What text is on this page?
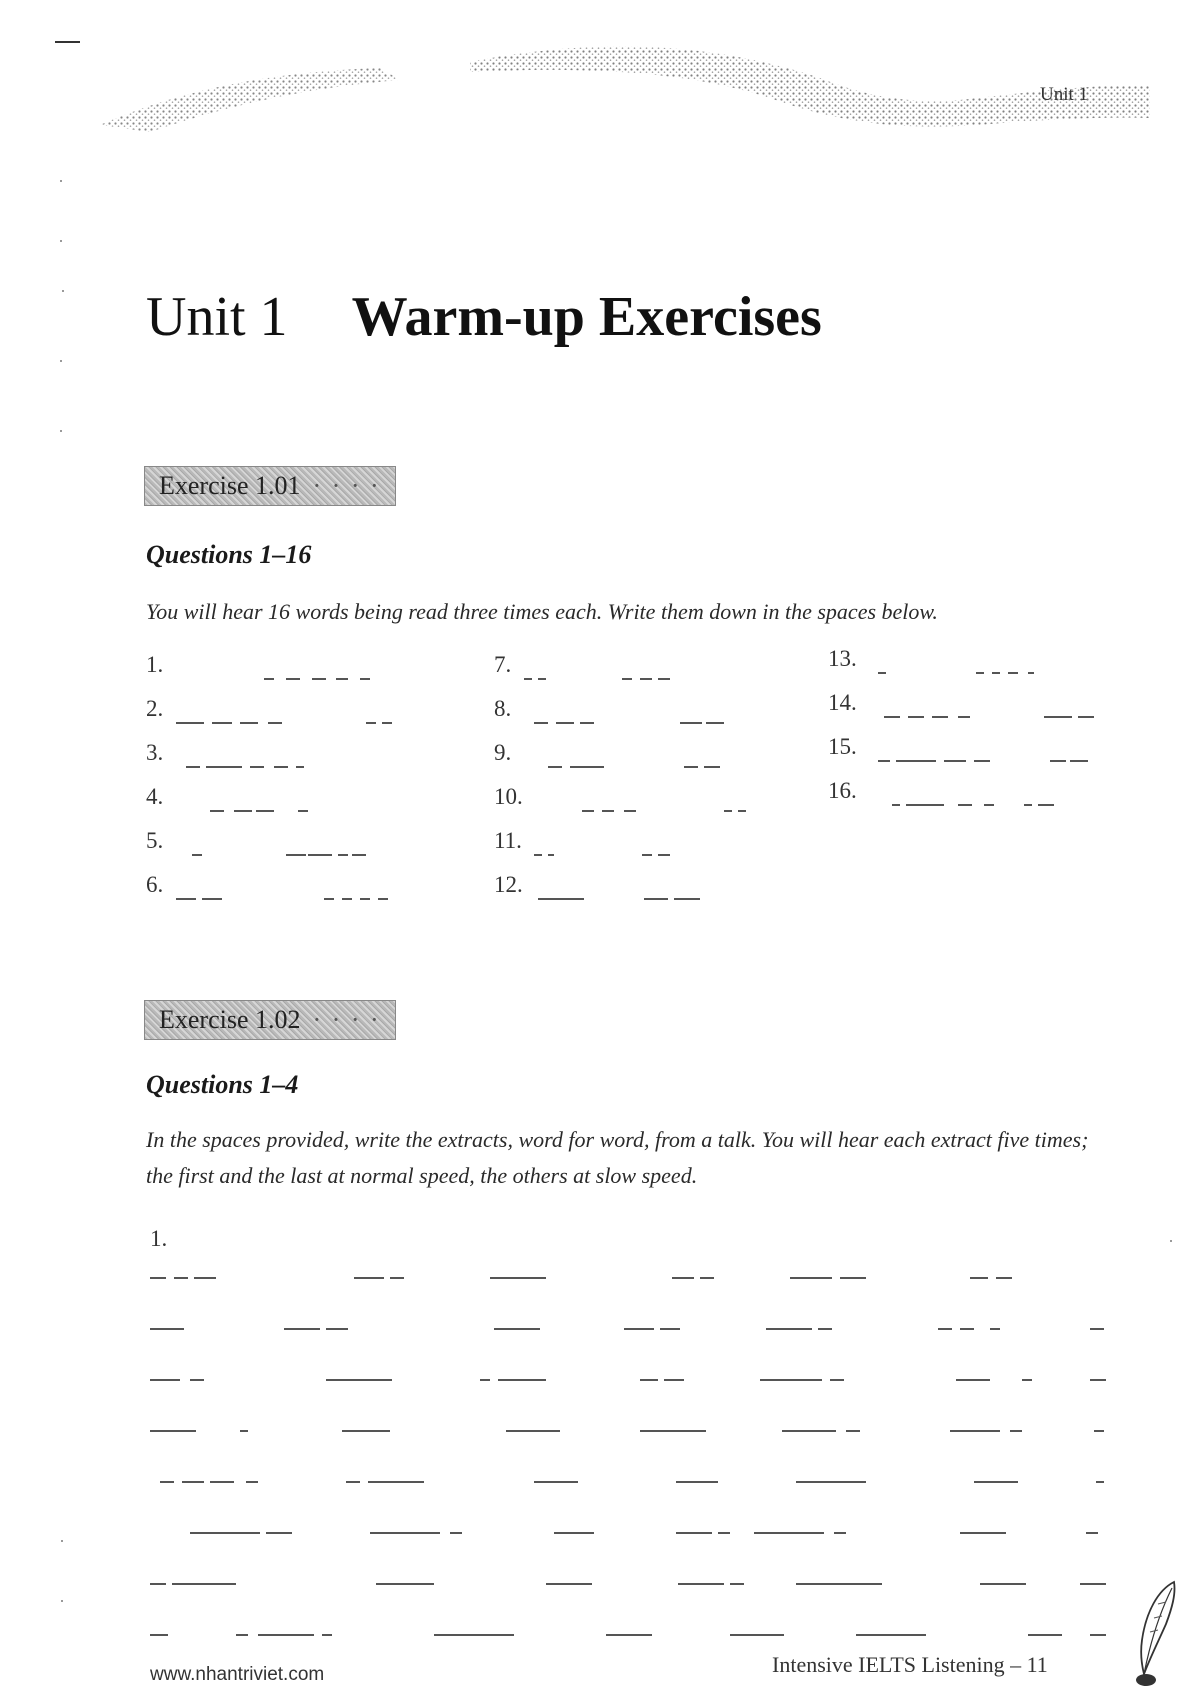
Unit 1
Unit 1 Warm-up Exercises
Exercise 1.01 · · · ·
Questions 1–16
You will hear 16 words being read three times each. Write them down in the spaces below.
1.
2.
3.
4.
5.
6.
7.
8.
9.
10.
11.
12.
13.
14.
15.
16.
Exercise 1.02 · · · ·
Questions 1–4
In the spaces provided, write the extracts, word for word, from a talk. You will hear each extract five times; the first and the last at normal speed, the others at slow speed.
1.
www.nhantriviet.com	Intensive IELTS Listening – 11
